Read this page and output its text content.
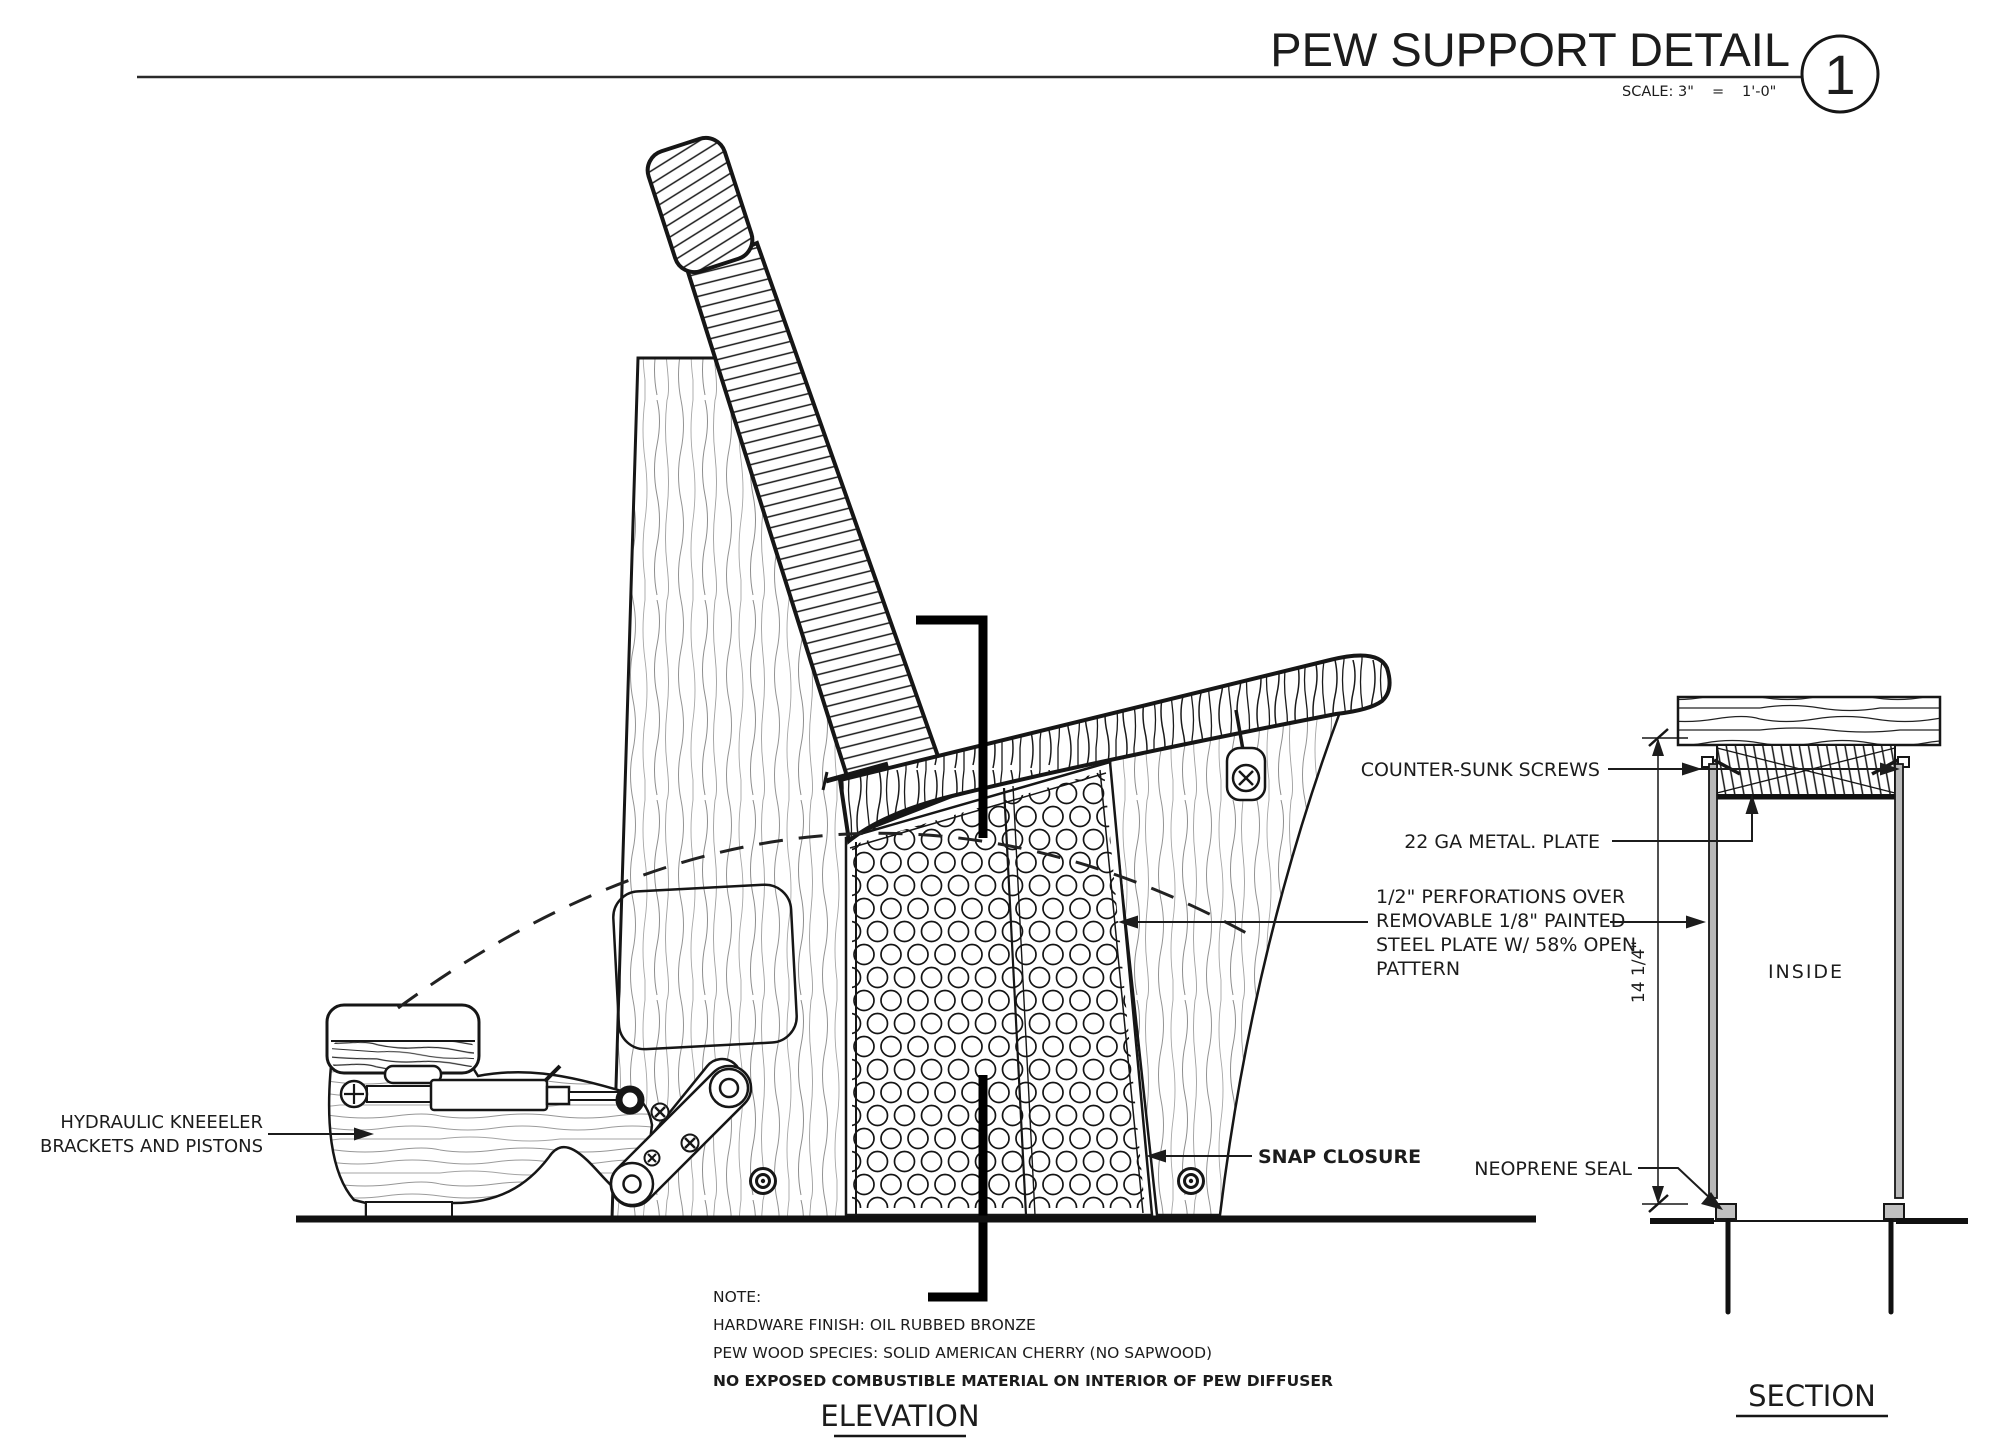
PEW SUPPORT DETAIL
SCALE: 3" = 1'-0" 1
HYDRAULIC KNEEELER
BRACKETS AND PISTONS	SNAP CLOSURE
1/2" PERFORATIONS OVER
REMOVABLE 1/8" PAINTED
STEEL PLATE W/ 58% OPEN
PATTERN
NOTE:
HARDWARE FINISH: OIL RUBBED BRONZE
PEW WOOD SPECIES: SOLID AMERICAN CHERRY (NO SAPWOOD)
NO EXPOSED COMBUSTIBLE MATERIAL ON INTERIOR OF PEW DIFFUSER
ELEVATION
14 1/4"
COUNTER-SUNK SCREWS
22 GA METAL. PLATE
NEOPRENE SEAL
INSIDE
SECTION
